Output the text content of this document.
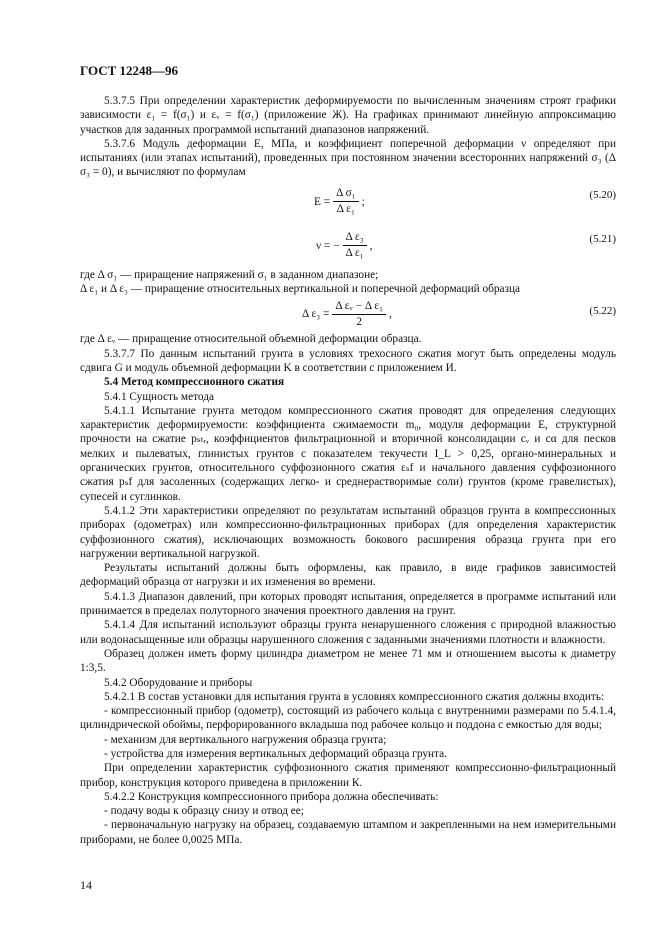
ГОСТ 12248—96

5.3.7.5 При определении характеристик деформируемости по вычисленным значениям строят графики зависимости ε₁ = f(σ₁) и εᵥ = f(σ₁) (приложение Ж). На графиках принимают линейную аппроксимацию участков для заданных программой испытаний диапазонов напряжений.

5.3.7.6 Модуль деформации E, МПа, и коэффициент поперечной деформации ν определяют при испытаниях (или этапах испытаний), проведенных при постоянном значении всесторонних напряжений σ₃ (Δ σ₃ = 0), и вычисляют по формулам

$E = \frac{\text{Δ σ₁}}{\text{Δ ε₁}}$ ;
(5.20)
ν = − $\frac{\text{Δ ε₃}}{\text{Δ ε₁}}$ ,
(5.21)

где Δ σ₁ — приращение напряжений σ₁ в заданном диапазоне;

Δ ε₁ и Δ ε₃ — приращение относительных вертикальной и поперечной деформаций образца

Δ $\varepsilon_3 = \frac{\text{Δ εᵥ − Δ ε₁}}{2}$ ,	(5.22)

где Δ εᵥ — приращение относительной объемной деформации образца.

5.3.7.7 По данным испытаний грунта в условиях трехосного сжатия могут быть определены модуль сдвига G и модуль объемной деформации K в соответствии с приложением И.

5.4 Метод компрессионного сжатия

5.4.1 Сущность метода

5.4.1.1 Испытание грунта методом компрессионного сжатия проводят для определения следующих характеристик деформируемости: коэффициента сжимаемости m₀, модуля деформации E, структурной прочности на сжатие pₛₜᵣ, коэффициентов фильтрационной и вторичной консолидации cᵥ и cα для песков мелких и пылеватых, глинистых грунтов с показателем текучести I_L > 0,25, органо-минеральных и органических грунтов, относительного суффозионного сжатия εₛf и начального давления суффозионного сжатия pₛf для засоленных (содержащих легко- и среднерастворимые соли) грунтов (кроме гравелистых), супесей и суглинков.

5.4.1.2 Эти характеристики определяют по результатам испытаний образцов грунта в компрессионных приборах (одометрах) или компрессионно-фильтрационных приборах (для определения характеристик суффозионного сжатия), исключающих возможность бокового расширения образца грунта при его нагружении вертикальной нагрузкой.

Результаты испытаний должны быть оформлены, как правило, в виде графиков зависимостей деформаций образца от нагрузки и их изменения во времени.

5.4.1.3 Диапазон давлений, при которых проводят испытания, определяется в программе испытаний или принимается в пределах полуторного значения проектного давления на грунт.

5.4.1.4 Для испытаний используют образцы грунта ненарушенного сложения с природной влажностью или водонасыщенные или образцы нарушенного сложения с заданными значениями плотности и влажности.

Образец должен иметь форму цилиндра диаметром не менее 71 мм и отношением высоты к диаметру 1:3,5.

5.4.2 Оборудование и приборы

5.4.2.1 В состав установки для испытания грунта в условиях компрессионного сжатия должны входить:

- компрессионный прибор (одометр), состоящий из рабочего кольца с внутренними размерами по 5.4.1.4, цилиндрической обоймы, перфорированного вкладыша под рабочее кольцо и поддона с емкостью для воды;

- механизм для вертикального нагружения образца грунта;

- устройства для измерения вертикальных деформаций образца грунта.

При определении характеристик суффозионного сжатия применяют компрессионно-фильтрационный прибор, конструкция которого приведена в приложении К.

5.4.2.2 Конструкция компрессионного прибора должна обеспечивать:

- подачу воды к образцу снизу и отвод ее;

- первоначальную нагрузку на образец, создаваемую штампом и закрепленными на нем измерительными приборами, не более 0,0025 МПа.

14
